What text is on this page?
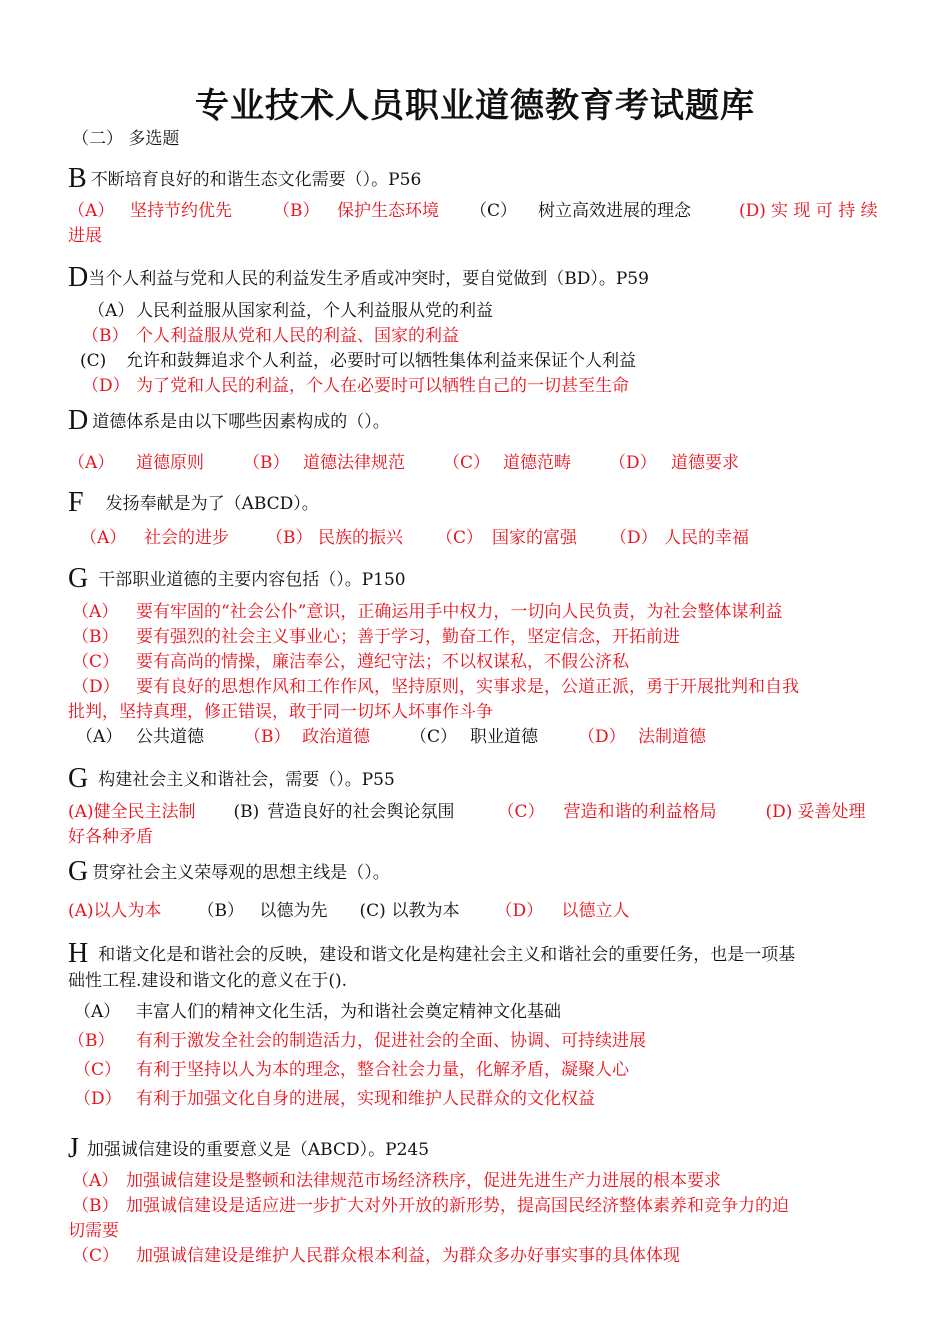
专业技术人员职业道德教育考试题库
（二） 多选题
B不断培育良好的和谐生态文化需要（）。P56
（A） 坚持节约优先 （B） 保护生态环境 （C） 树立高效进展的理念	(D) 实 现 可 持 续
进展
D当个人利益与党和人民的利益发生矛盾或冲突时，要自觉做到（BD）。P59
（A） 人民利益服从国家利益，个人利益服从党的利益
（B） 个人利益服从党和人民的利益、国家的利益
(C) 允许和鼓舞追求个人利益，必要时可以牺牲集体利益来保证个人利益
（D） 为了党和人民的利益，个人在必要时可以牺牲自己的一切甚至生命
D道德体系是由以下哪些因素构成的（）。
（A） 道德原则 （B） 道德法律规范 （C） 道德范畴 （D） 道德要求
F 发扬奉献是为了（ABCD）。
（A） 社会的进步 （B） 民族的振兴 （C） 国家的富强 （D） 人民的幸福
G干部职业道德的主要内容包括（）。P150
（A） 要有牢固的“社会公仆”意识，正确运用手中权力，一切向人民负责，为社会整体谋利益
（B） 要有强烈的社会主义事业心；善于学习，勤奋工作，坚定信念，开拓前进
（C） 要有高尚的情操，廉洁奉公，遵纪守法；不以权谋私，不假公济私
（D） 要有良好的思想作风和工作作风，坚持原则，实事求是，公道正派，勇于开展批判和自我
批判，坚持真理，修正错误，敢于同一切坏人坏事作斗争
（A） 公共道德 （B） 政治道德 （C） 职业道德 （D） 法制道德
G构建社会主义和谐社会，需要（）。P55
(A)健全民主法制 (B) 营造良好的社会舆论氛围	（C） 营造和谐的利益格局	(D) 妥善处理
好各种矛盾
G贯穿社会主义荣辱观的思想主线是（）。
(A)以人为本 （B） 以德为先 (C) 以教为本 （D） 以德立人
H和谐文化是和谐社会的反映，建设和谐文化是构建社会主义和谐社会的重要任务，也是一项基
础性工程.建设和谐文化的意义在于().
（A） 丰富人们的精神文化生活，为和谐社会奠定精神文化基础
（B） 有利于激发全社会的制造活力，促进社会的全面、协调、可持续进展
（C） 有利于坚持以人为本的理念，整合社会力量，化解矛盾，凝聚人心
（D） 有利于加强文化自身的进展，实现和维护人民群众的文化权益
J加强诚信建设的重要意义是（ABCD）。P245
（A） 加强诚信建设是整顿和法律规范市场经济秩序，促进先进生产力进展的根本要求
（B） 加强诚信建设是适应进一步扩大对外开放的新形势，提高国民经济整体素养和竞争力的迫
切需要
（C） 加强诚信建设是维护人民群众根本利益，为群众多办好事实事的具体体现
